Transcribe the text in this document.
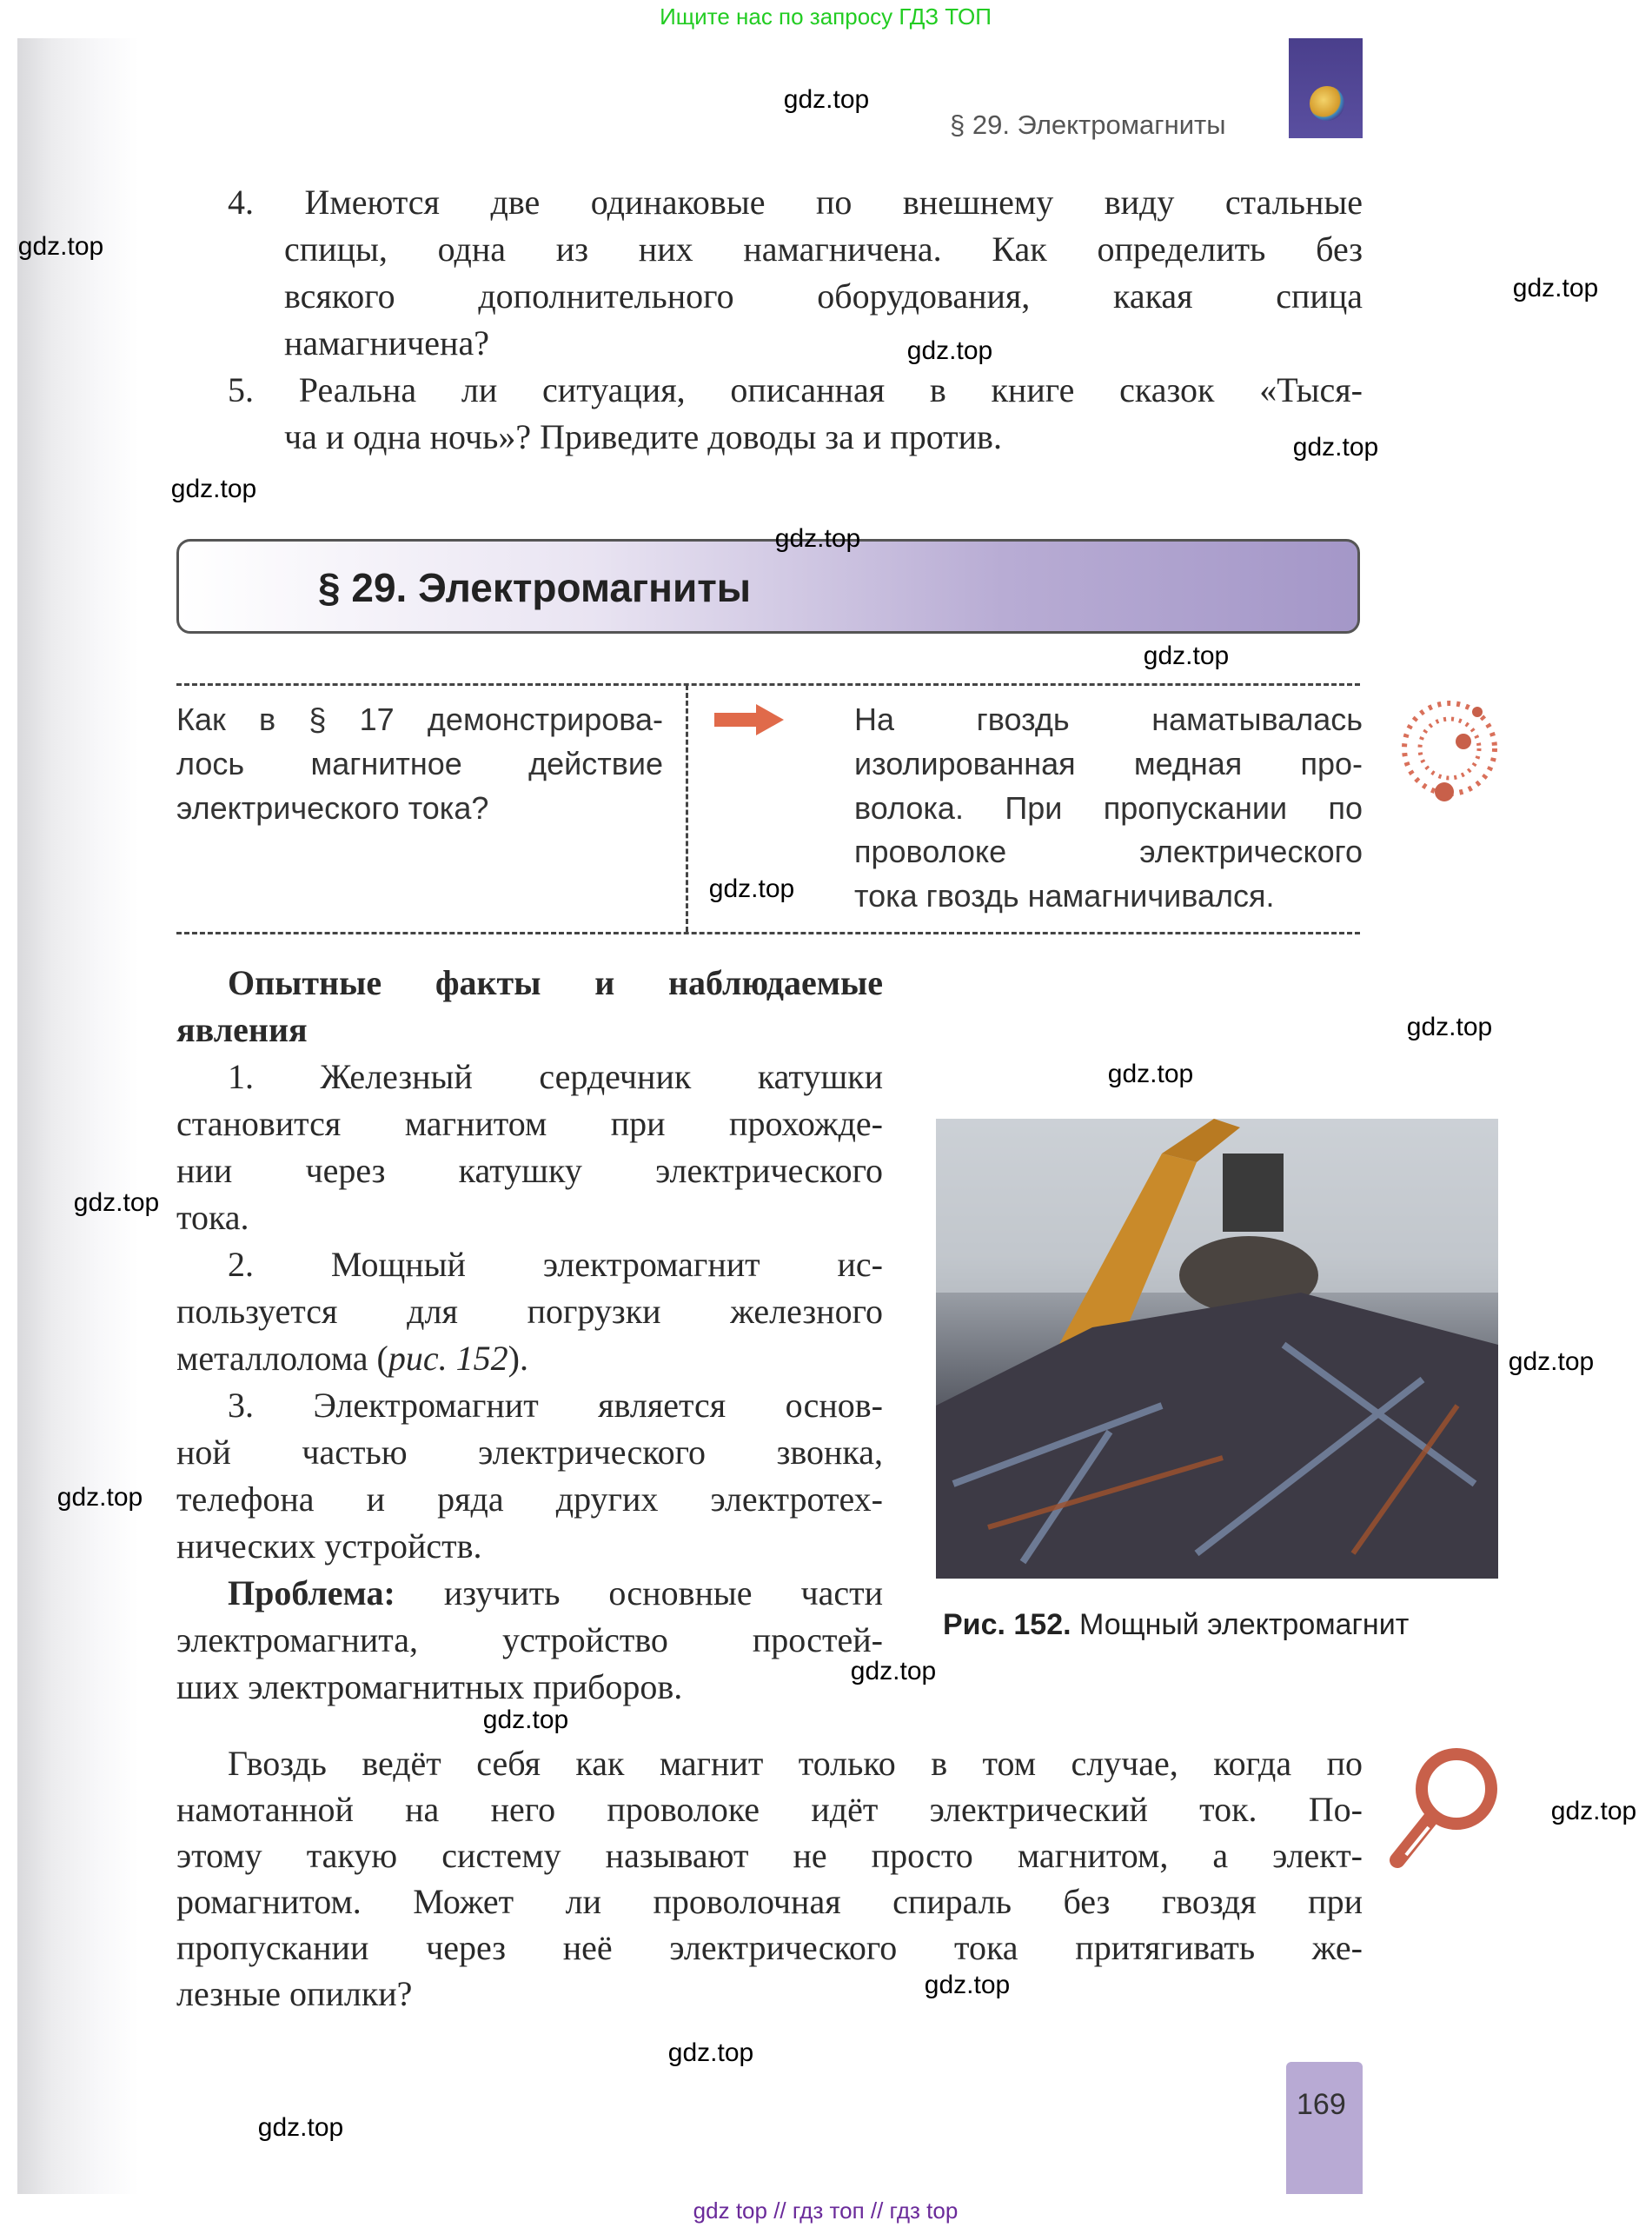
Ищите нас по запросу ГДЗ ТОП
§ 29. Электромагниты
4. Имеются две одинаковые по внешнему виду стальные
спицы, одна из них намагничена. Как определить без
всякого дополнительного оборудования, какая спица
намагничена?
5. Реальна ли ситуация, описанная в книге сказок «Тыся-
ча и одна ночь»? Приведите доводы за и против.
§ 29. Электромагниты
Как в § 17 демонстрирова-
лось магнитное действие
электрического тока?
На гвоздь наматывалась
изолированная медная про-
волока. При пропускании по
проволоке электрического
тока гвоздь намагничивался.
Опытные факты и наблюдаемые
явления
1. Железный сердечник катушки
становится магнитом при прохожде-
нии через катушку электрического
тока.
2. Мощный электромагнит ис-
пользуется для погрузки железного
металлолома (рис. 152).
3. Электромагнит является основ-
ной частью электрического звонка,
телефона и ряда других электротех-
нических устройств.
Проблема: изучить основные части
электромагнита, устройство простей-
ших электромагнитных приборов.
Рис. 152. Мощный электромагнит
Гвоздь ведёт себя как магнит только в том случае, когда по
намотанной на него проволоке идёт электрический ток. По-
этому такую систему называют не просто магнитом, а элект-
ромагнитом. Может ли проволочная спираль без гвоздя при
пропускании через неё электрического тока притягивать же-
лезные опилки?
169
gdz top // гдз топ // гдз top
gdz.top
gdz.top
gdz.top
gdz.top
gdz.top
gdz.top
gdz.top
gdz.top
gdz.top
gdz.top
gdz.top
gdz.top
gdz.top
gdz.top
gdz.top
gdz.top
gdz.top
gdz.top
gdz.top
gdz.top
